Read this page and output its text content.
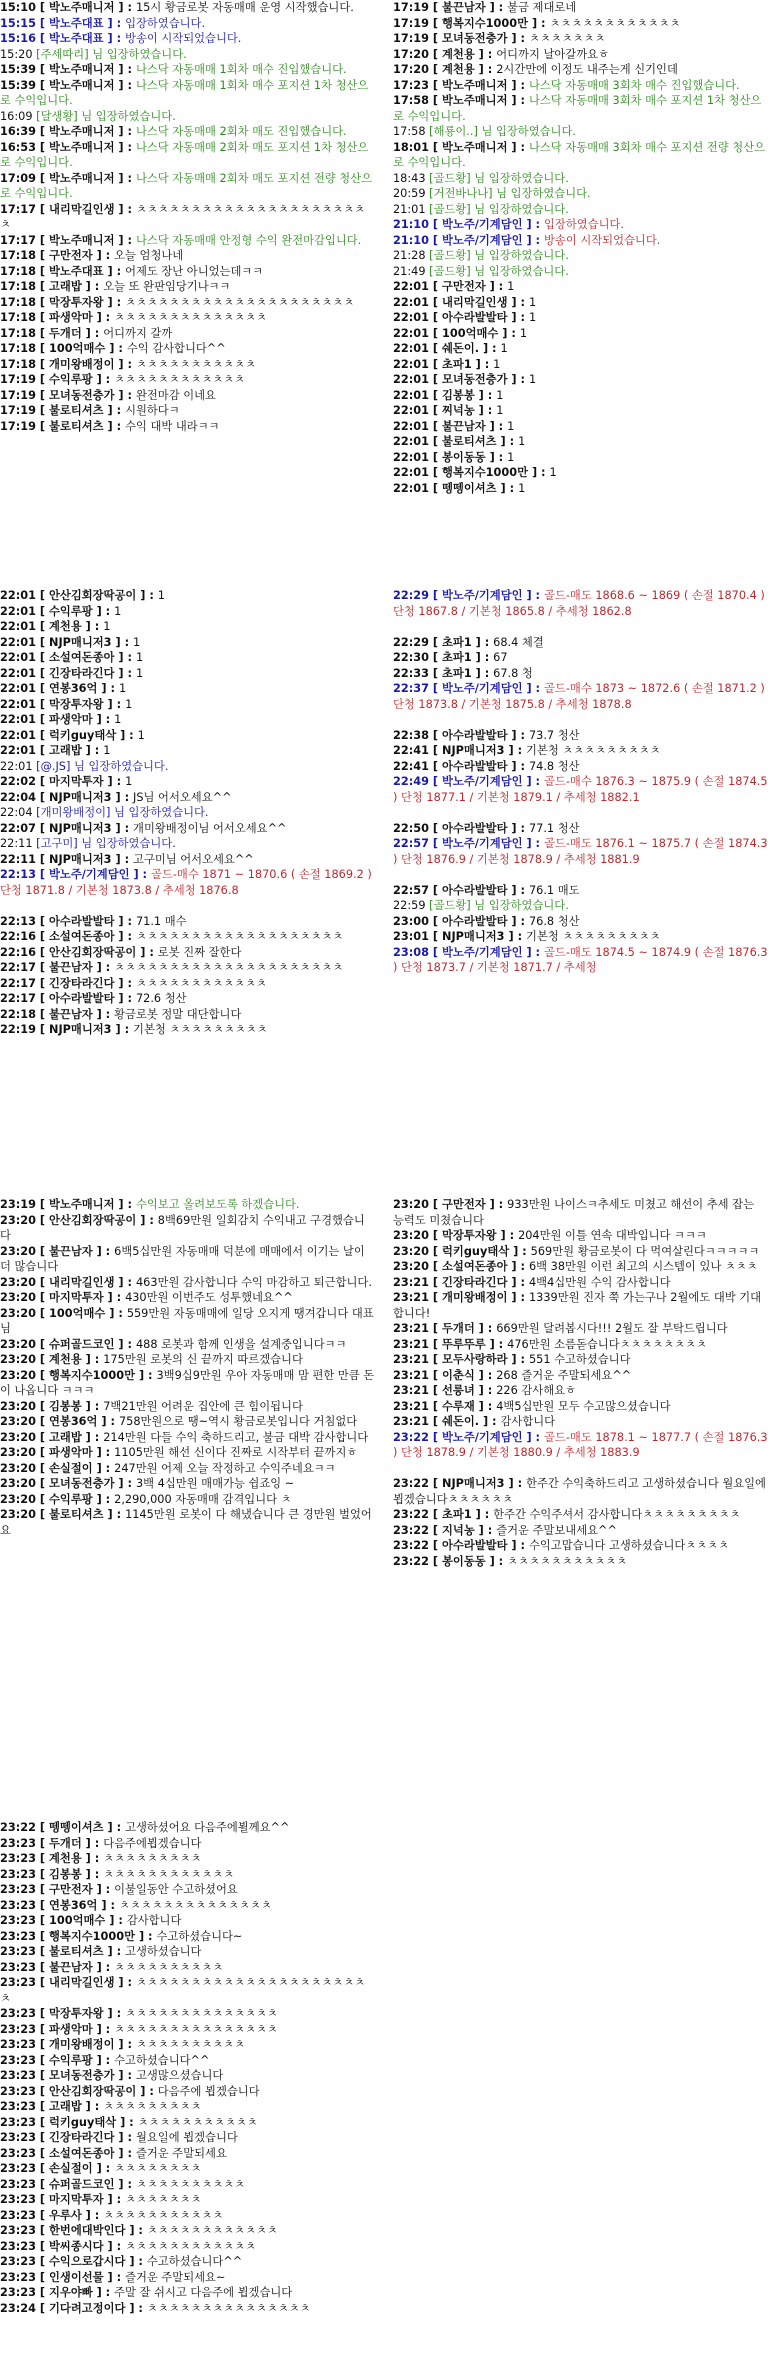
15:10 [ 박노주매니저 ] : 15시 황금로봇 자동매매 운영 시작했습니다.
15:15 [ 박노주대표 ] : 입장하였습니다.
15:16 [ 박노주대표 ] : 방송이 시작되었습니다.
15:20 [주세따리] 님 입장하였습니다.
15:39 [ 박노주매니저 ] : 나스닥 자동매매 1회차 매수 진입했습니다.
15:39 [ 박노주매니저 ] : 나스닥 자동매매 1회차 매수 포지션 1차 청산으로 수익입니다.
16:09 [달생황] 님 입장하였습니다.
16:39 [ 박노주매니저 ] : 나스닥 자동매매 2회차 매도 진입했습니다.
16:53 [ 박노주매니저 ] : 나스닥 자동매매 2회차 매도 포지션 1차 청산으로 수익입니다.
17:09 [ 박노주매니저 ] : 나스닥 자동매매 2회차 매도 포지션 전량 청산으로 수익입니다.
17:17 [ 내리막길인생 ] : ㅊㅊㅊㅊㅊㅊㅊㅊㅊㅊㅊㅊㅊㅊㅊㅊㅊㅊㅊㅊㅊㅊ
17:17 [ 박노주매니저 ] : 나스닥 자동매매 안정형 수익 완전마감입니다.
17:18 [ 구만전자 ] : 오늘 엄청나네
17:18 [ 박노주대표 ] : 어제도 장난 아니었는데ㅋㅋ
17:18 [ 고래밥 ] : 오늘 또 완판임당기나ㅋㅋ
17:18 [ 막장투자왕 ] : ㅊㅊㅊㅊㅊㅊㅊㅊㅊㅊㅊㅊㅊㅊㅊㅊㅊㅊㅊㅊㅊ
17:18 [ 파생악마 ] : ㅊㅊㅊㅊㅊㅊㅊㅊㅊㅊㅊㅊㅊㅊ
17:18 [ 두개더 ] : 어디까지 갈까
17:18 [ 100억매수 ] : 수익 감사합니다^^
17:18 [ 개미왕배정이 ] : ㅊㅊㅊㅊㅊㅊㅊㅊㅊㅊㅊ
17:19 [ 수익루팡 ] : ㅊㅊㅊㅊㅊㅊㅊㅊㅊㅊㅊㅊ
17:19 [ 모녀동전층가 ] : 완전마감 이네요
17:19 [ 불로티셔츠 ] : 시원하다ㅋ
17:19 [ 불로티셔츠 ] : 수익 대박 내라ㅋㅋ
17:19 [ 불끈남자 ] : 불금 제대로네
17:19 [ 행복지수1000만 ] : ㅊㅊㅊㅊㅊㅊㅊㅊㅊㅊㅊㅊ
17:19 [ 모녀동전층가 ] : ㅊㅊㅊㅊㅊㅊㅊ
17:20 [ 계천용 ] : 어디까지 날아갈까요ㅎ
17:20 [ 계천용 ] : 2시간만에 이정도 내주는게 신기인데
17:23 [ 박노주매니저 ] : 나스닥 자동매매 3회차 매수 진입했습니다.
17:58 [ 박노주매니저 ] : 나스닥 자동매매 3회차 매수 포지션 1차 청산으로 수익입니다.
17:58 [해룡이..] 님 입장하였습니다.
18:01 [ 박노주매니저 ] : 나스닥 자동매매 3회차 매수 포지션 전량 청산으로 수익입니다.
18:43 [골드황] 님 입장하였습니다.
20:59 [거전바나나] 님 입장하였습니다.
21:01 [골드황] 님 입장하였습니다.
21:10 [ 박노주/기계담인 ] : 입장하였습니다.
21:10 [ 박노주/기계담인 ] : 방송이 시작되었습니다.
21:28 [골드황] 님 입장하였습니다.
21:49 [골드황] 님 입장하였습니다.
22:01 [ 구만전자 ] : 1
22:01 [ 내리막길인생 ] : 1
22:01 [ 아수라발발타 ] : 1
22:01 [ 100억매수 ] : 1
22:01 [ 쉐돈이. ] : 1
22:01 [ 초파1 ] : 1
22:01 [ 모녀동전층가 ] : 1
22:01 [ 김봉봉 ] : 1
22:01 [ 찌넉농 ] : 1
22:01 [ 불끈남자 ] : 1
22:01 [ 불로티셔츠 ] : 1
22:01 [ 봉이동동 ] : 1
22:01 [ 행복지수1000만 ] : 1
22:01 [ 뗑뗑이셔츠 ] : 1
22:01 [ 안산김회장딱공이 ] : 1
22:01 [ 수익루팡 ] : 1
22:01 [ 계천용 ] : 1
22:01 [ NJP매니저3 ] : 1
22:01 [ 소설여돈종아 ] : 1
22:01 [ 긴장타라긴다 ] : 1
22:01 [ 연봉36억 ] : 1
22:01 [ 막장투자왕 ] : 1
22:01 [ 파생악마 ] : 1
22:01 [ 럭키guy태삭 ] : 1
22:01 [ 고래밥 ] : 1
22:01 [@.JS] 님 입장하였습니다.
22:02 [ 마지막투자 ] : 1
22:04 [ NJP매니저3 ] : JS님 어서오세요^^
22:04 [개미왕배정이] 님 입장하였습니다.
22:07 [ NJP매니저3 ] : 개미왕배정이님 어서오세요^^
22:11 [고구미] 님 입장하였습니다.
22:11 [ NJP매니저3 ] : 고구미님 어서오세요^^
22:13 [ 박노주/기계담인 ] : 골드-매수 1871 ~ 1870.6 ( 손절 1869.2 ) 단청 1871.8 / 기본청 1873.8 / 추세청 1876.8
22:13 [ 아수라발발타 ] : 71.1 매수
22:16 [ 소설여돈종아 ] : ㅊㅊㅊㅊㅊㅊㅊㅊㅊㅊㅊㅊㅊㅊㅊㅊㅊㅊㅊ
22:16 [ 안산김회장딱공이 ] : 로봇 진짜 잘한다
22:17 [ 불끈남자 ] : ㅊㅊㅊㅊㅊㅊㅊㅊㅊㅊㅊㅊㅊㅊㅊㅊㅊㅊㅊㅊㅊ
22:17 [ 긴장타라긴다 ] : ㅊㅊㅊㅊㅊㅊㅊㅊㅊㅊㅊㅊ
22:17 [ 아수라발발타 ] : 72.6 청산
22:18 [ 불끈남자 ] : 황금로봇 정말 대단합니다
22:19 [ NJP매니저3 ] : 기본청 ㅊㅊㅊㅊㅊㅊㅊㅊㅊ
22:29 [ 박노주/기계담인 ] : 골드-매도 1868.6 ~ 1869 ( 손절 1870.4 ) 단청 1867.8 / 기본청 1865.8 / 추세청 1862.8
22:29 [ 초파1 ] : 68.4 체결
22:30 [ 초파1 ] : 67
22:33 [ 초파1 ] : 67.8 청
22:37 [ 박노주/기계담인 ] : 골드-매수 1873 ~ 1872.6 ( 손절 1871.2 ) 단청 1873.8 / 기본청 1875.8 / 추세청 1878.8
22:38 [ 아수라발발타 ] : 73.7 청산
22:41 [ NJP매니저3 ] : 기본청 ㅊㅊㅊㅊㅊㅊㅊㅊㅊ
22:41 [ 아수라발발타 ] : 74.8 청산
22:49 [ 박노주/기계담인 ] : 골드-매수 1876.3 ~ 1875.9 ( 손절 1874.5 ) 단청 1877.1 / 기본청 1879.1 / 추세청 1882.1
22:50 [ 아수라발발타 ] : 77.1 청산
22:57 [ 박노주/기계담인 ] : 골드-매도 1876.1 ~ 1875.7 ( 손절 1874.3 ) 단청 1876.9 / 기본청 1878.9 / 추세청 1881.9
22:57 [ 아수라발발타 ] : 76.1 매도
22:59 [골드황] 님 입장하였습니다.
23:00 [ 아수라발발타 ] : 76.8 청산
23:01 [ NJP매니저3 ] : 기본청 ㅊㅊㅊㅊㅊㅊㅊㅊㅊ
23:08 [ 박노주/기계담인 ] : 골드-매도 1874.5 ~ 1874.9 ( 손절 1876.3 ) 단청 1873.7 / 기본청 1871.7 / 추세청
23:19 [ 박노주매니저 ] : 수익보고 올려보도록 하겠습니다.
23:20 [ 안산김회장딱공이 ] : 8백69만원 일회감치 수익내고 구경했습니다
23:20 [ 불끈남자 ] : 6백5십만원 자동매매 덕분에 매매에서 이기는 날이 더 많습니다
23:20 [ 내리막길인생 ] : 463만원 감사합니다 수익 마감하고 퇴근합니다.
23:20 [ 마지막투자 ] : 430만원 이번주도 성투했네요^^
23:20 [ 100억매수 ] : 559만원 자동매매에 일당 오지게 땡겨갑니다 대표님
23:20 [ 슈퍼골드코인 ] : 488 로봇과 함께 인생을 설계중입니다ㅋㅋ
23:20 [ 계천용 ] : 175만원 로봇의 신 끝까지 따르겠습니다
23:20 [ 행복지수1000만 ] : 3백9십9만원 우아 자동매매 맘 편한 만큼 돈이 나옵니다 ㅋㅋㅋ
23:20 [ 김봉봉 ] : 7백21만원 어려운 집안에 큰 힘이됩니다
23:20 [ 연봉36억 ] : 758만원으로 땡~역시 황금로봇입니다 거침없다
23:20 [ 고래밥 ] : 214만원 다들 수익 축하드리고, 불금 대박 감사합니다
23:20 [ 파생악마 ] : 1105만원 해선 신이다 진짜로 시작부터 끝까지ㅎ
23:20 [ 손실절이 ] : 247만원 어제 오늘 작정하고 수익주네요ㅋㅋ
23:20 [ 모녀동전층가 ] : 3백 4십만원 매매가능 쉽죠잉 ~
23:20 [ 수익루팡 ] : 2,290,000 자동매매 감격입니다 ㅊ
23:20 [ 불로티셔츠 ] : 1145만원 로봇이 다 해냈습니다 큰 경만원 벌었어요
23:20 [ 구만전자 ] : 933만원 나이스ㅋ추세도 미쳤고 해선이 추세 잡는 능력도 미쳤습니다
23:20 [ 막장투자왕 ] : 204만원 이틀 연속 대박입니다 ㅋㅋㅋ
23:20 [ 럭키guy태삭 ] : 569만원 황금로봇이 다 먹여살린다ㅋㅋㅋㅋㅋ
23:20 [ 소설여돈종아 ] : 6백 38만원 이런 최고의 시스템이 있나 ㅊㅊㅊ
23:21 [ 긴장타라긴다 ] : 4백4십만원 수익 감사합니다
23:21 [ 개미왕배정이 ] : 1339만원 진자 쭉 가는구나 2월에도 대박 기대합니다!
23:21 [ 두개더 ] : 669만원 달려봅시다!!! 2월도 잘 부탁드립니다
23:21 [ 뚜루뚜루 ] : 476만원 소름돋습니다ㅊㅊㅊㅊㅊㅊㅊㅊ
23:21 [ 모두사랑하라 ] : 551 수고하셨습니다
23:21 [ 이춘식 ] : 268 즐거운 주말되세요^^
23:21 [ 선릉녀 ] : 226 감사해요ㅎ
23:21 [ 수루재 ] : 4백5십만원 모두 수고많으셨습니다
23:21 [ 쉐돈이. ] : 감사합니다
23:22 [ 박노주/기계담인 ] : 골드-매도 1878.1 ~ 1877.7 ( 손절 1876.3 ) 단청 1878.9 / 기본청 1880.9 / 추세청 1883.9
23:22 [ NJP매니저3 ] : 한주간 수익축하드리고 고생하셨습니다 월요일에 뵙겠습니다ㅊㅊㅊㅊㅊㅊ
23:22 [ 초파1 ] : 한주간 수익주셔서 감사합니다ㅊㅊㅊㅊㅊㅊㅊㅊㅊ
23:22 [ 지넉농 ] : 즐거운 주말보내세요^^
23:22 [ 아수라발발타 ] : 수익고맙습니다 고생하셨습니다ㅊㅊㅊㅊ
23:22 [ 봉이동동 ] : ㅊㅊㅊㅊㅊㅊㅊㅊㅊㅊㅊ
23:22 [ 뗑뗑이셔츠 ] : 고생하셨어요 다음주에뵐께요^^
23:23 [ 두개더 ] : 다음주에뵙겠습니다
23:23 [ 계천용 ] : ㅊㅊㅊㅊㅊㅊㅊㅊㅊ
23:23 [ 김봉봉 ] : ㅊㅊㅊㅊㅊㅊㅊㅊㅊㅊㅊㅊ
23:23 [ 구만전자 ] : 이불일동안 수고하셨어요
23:23 [ 연봉36억 ] : ㅊㅊㅊㅊㅊㅊㅊㅊㅊㅊㅊㅊㅊㅊ
23:23 [ 100억매수 ] : 감사합니다
23:23 [ 행복지수1000만 ] : 수고하셨습니다~
23:23 [ 불로티셔츠 ] : 고생하셨습니다
23:23 [ 불끈남자 ] : ㅊㅊㅊㅊㅊㅊㅊㅊㅊㅊ
23:23 [ 내리막길인생 ] : ㅊㅊㅊㅊㅊㅊㅊㅊㅊㅊㅊㅊㅊㅊㅊㅊㅊㅊㅊㅊㅊㅊ
23:23 [ 막장투자왕 ] : ㅊㅊㅊㅊㅊㅊㅊㅊㅊㅊㅊㅊㅊㅊ
23:23 [ 파생악마 ] : ㅊㅊㅊㅊㅊㅊㅊㅊㅊㅊㅊㅊㅊㅊㅊ
23:23 [ 개미왕배정이 ] : ㅊㅊㅊㅊㅊㅊㅊㅊㅊㅊ
23:23 [ 수익루팡 ] : 수고하셨습니다^^
23:23 [ 모녀동전층가 ] : 고생많으셨습니다
23:23 [ 안산김회장딱공이 ] : 다음주에 뵙겠습니다
23:23 [ 고래밥 ] : ㅊㅊㅊㅊㅊㅊㅊㅊㅊ
23:23 [ 럭키guy태삭 ] : ㅊㅊㅊㅊㅊㅊㅊㅊㅊㅊㅊ
23:23 [ 긴장타라긴다 ] : 월요일에 뵙겠습니다
23:23 [ 소설여돈종아 ] : 즐거운 주말되세요
23:23 [ 손실절이 ] : ㅊㅊㅊㅊㅊㅊㅊㅊ
23:23 [ 슈퍼골드코인 ] : ㅊㅊㅊㅊㅊㅊㅊㅊㅊㅊ
23:23 [ 마지막투자 ] : ㅊㅊㅊㅊㅊㅊㅊ
23:23 [ 우루사 ] : ㅊㅊㅊㅊㅊㅊㅊㅊㅊㅊㅊ
23:23 [ 한번에대박인다 ] : ㅊㅊㅊㅊㅊㅊㅊㅊㅊㅊㅊㅊ
23:23 [ 박씨종시다 ] : ㅊㅊㅊㅊㅊㅊㅊㅊㅊㅊㅊㅊ
23:23 [ 수익으로갑시다 ] : 수고하셨습니다^^
23:23 [ 인생이선물 ] : 즐거운 주말되세요~
23:23 [ 지우야빠 ] : 주말 잘 쉬시고 다음주에 뵙겠습니다
23:24 [ 기다려고정이다 ] : ㅊㅊㅊㅊㅊㅊㅊㅊㅊㅊㅊㅊㅊㅊㅊ
